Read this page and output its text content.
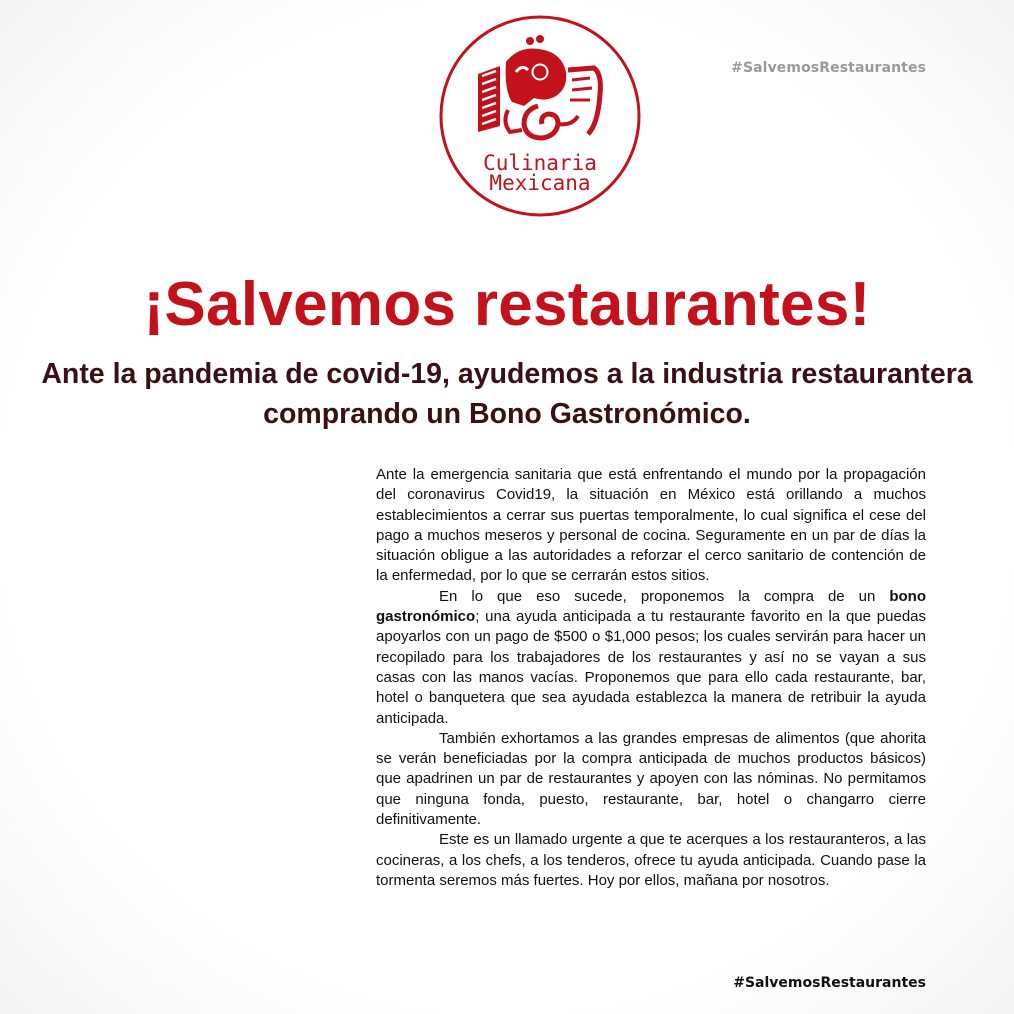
Culinaria
Mexicana
#SalvemosRestaurantes
¡Salvemos restaurantes!
Ante la pandemia de covid-19, ayudemos a la industria restaurantera comprando un Bono Gastronómico.

Ante la emergencia sanitaria que está enfrentando el mundo por la propagación del coronavirus Covid19, la situación en México está orillando a muchos establecimientos a cerrar sus puertas temporalmente, lo cual significa el cese del pago a muchos meseros y personal de cocina. Seguramente en un par de días la situación obligue a las autoridades a reforzar el cerco sanitario de contención de la enfermedad, por lo que se cerrarán estos sitios.

En lo que eso sucede, proponemos la compra de un bono gastronómico; una ayuda anticipada a tu restaurante favorito en la que puedas apoyarlos con un pago de $500 o $1,000 pesos; los cuales servirán para hacer un recopilado para los trabajadores de los restaurantes y así no se vayan a sus casas con las manos vacías. Proponemos que para ello cada restaurante, bar, hotel o banquetera que sea ayudada establezca la manera de retribuir la ayuda anticipada.

También exhortamos a las grandes empresas de alimentos (que ahorita se verán beneficiadas por la compra anticipada de muchos productos básicos) que apadrinen un par de restaurantes y apoyen con las nóminas. No permitamos que ninguna fonda, puesto, restaurante, bar, hotel o changarro cierre definitivamente.

Este es un llamado urgente a que te acerques a los restauranteros, a las cocineras, a los chefs, a los tenderos, ofrece tu ayuda anticipada. Cuando pase la tormenta seremos más fuertes. Hoy por ellos, mañana por nosotros.

#SalvemosRestaurantes
